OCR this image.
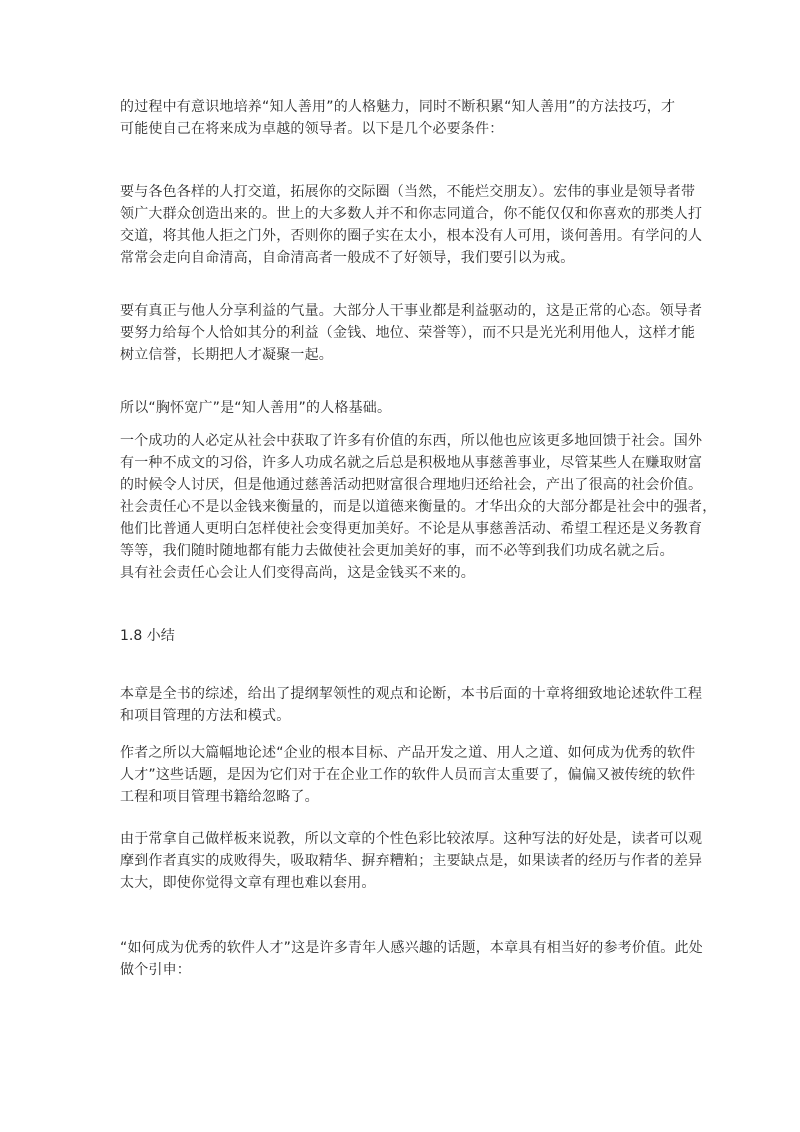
的过程中有意识地培养“知人善用”的人格魅力，同时不断积累“知人善用”的方法技巧，才
可能使自己在将来成为卓越的领导者。以下是几个必要条件：

要与各色各样的人打交道，拓展你的交际圈（当然，不能烂交朋友）。宏伟的事业是领导者带
领广大群众创造出来的。世上的大多数人并不和你志同道合，你不能仅仅和你喜欢的那类人打
交道，将其他人拒之门外，否则你的圈子实在太小，根本没有人可用，谈何善用。有学问的人
常常会走向自命清高，自命清高者一般成不了好领导，我们要引以为戒。

要有真正与他人分享利益的气量。大部分人干事业都是利益驱动的，这是正常的心态。领导者
要努力给每个人恰如其分的利益（金钱、地位、荣誉等），而不只是光光利用他人，这样才能
树立信誉，长期把人才凝聚一起。

所以“胸怀宽广”是“知人善用”的人格基础。

一个成功的人必定从社会中获取了许多有价值的东西，所以他也应该更多地回馈于社会。国外
有一种不成文的习俗，许多人功成名就之后总是积极地从事慈善事业，尽管某些人在赚取财富
的时候令人讨厌，但是他通过慈善活动把财富很合理地归还给社会，产出了很高的社会价值。
社会责任心不是以金钱来衡量的，而是以道德来衡量的。才华出众的大部分都是社会中的强者，
他们比普通人更明白怎样使社会变得更加美好。不论是从事慈善活动、希望工程还是义务教育
等等，我们随时随地都有能力去做使社会更加美好的事，而不必等到我们功成名就之后。
具有社会责任心会让人们变得高尚，这是金钱买不来的。

1.8 小结

本章是全书的综述，给出了提纲挈领性的观点和论断，本书后面的十章将细致地论述软件工程
和项目管理的方法和模式。

作者之所以大篇幅地论述“企业的根本目标、产品开发之道、用人之道、如何成为优秀的软件
人才”这些话题，是因为它们对于在企业工作的软件人员而言太重要了，偏偏又被传统的软件
工程和项目管理书籍给忽略了。

由于常拿自己做样板来说教，所以文章的个性色彩比较浓厚。这种写法的好处是，读者可以观
摩到作者真实的成败得失，吸取精华、摒弃糟粕；主要缺点是，如果读者的经历与作者的差异
太大，即使你觉得文章有理也难以套用。

“如何成为优秀的软件人才”这是许多青年人感兴趣的话题，本章具有相当好的参考价值。此处
做个引申：
